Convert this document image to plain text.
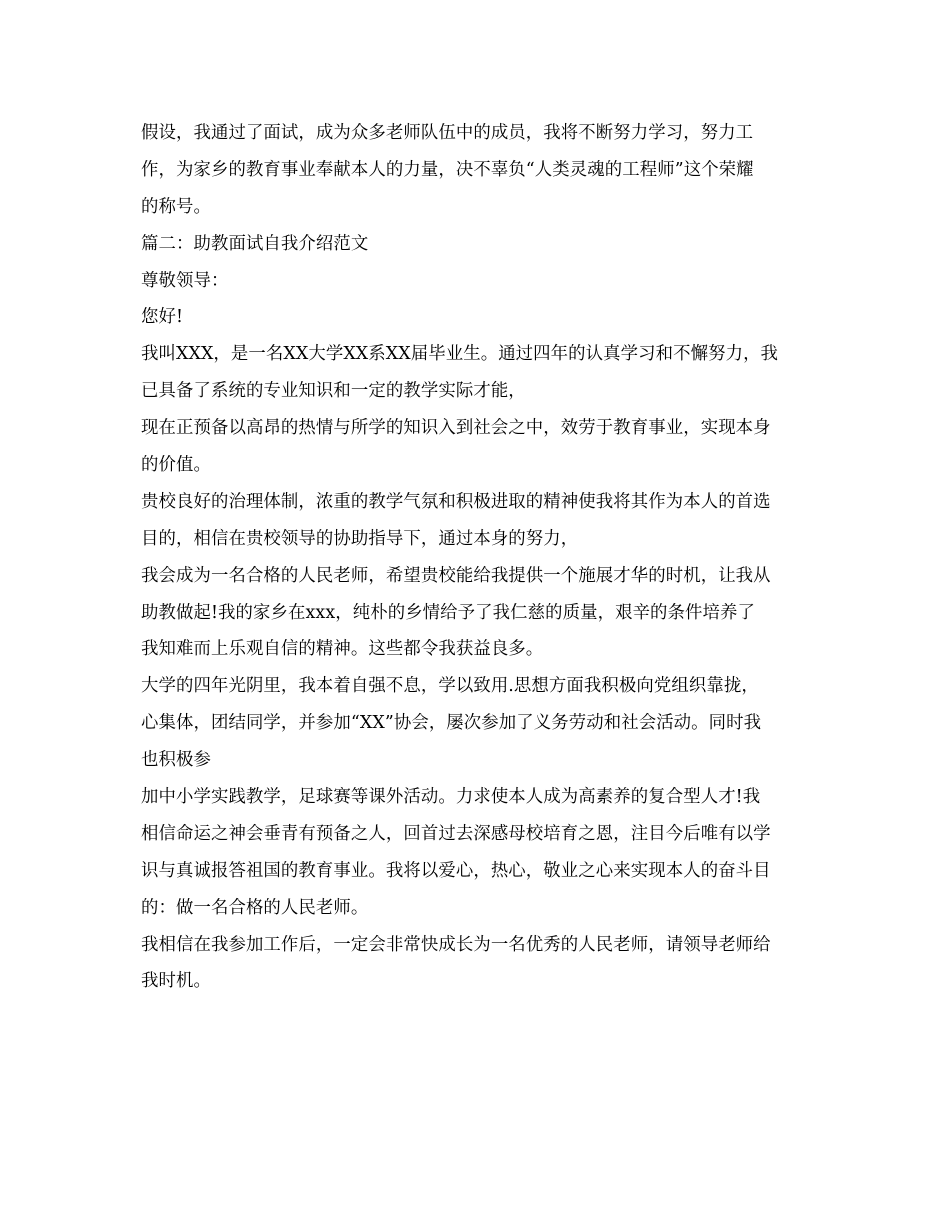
假设，我通过了面试，成为众多老师队伍中的成员，我将不断努力学习，努力工
作，为家乡的教育事业奉献本人的力量，决不辜负“人类灵魂的工程师”这个荣耀
的称号。
篇二：助教面试自我介绍范文
尊敬领导：
您好!
我叫XXX，是一名XX大学XX系XX届毕业生。通过四年的认真学习和不懈努力，我
已具备了系统的专业知识和一定的教学实际才能，
现在正预备以高昂的热情与所学的知识入到社会之中，效劳于教育事业，实现本身
的价值。
贵校良好的治理体制，浓重的教学气氛和积极进取的精神使我将其作为本人的首选
目的，相信在贵校领导的协助指导下，通过本身的努力，
我会成为一名合格的人民老师，希望贵校能给我提供一个施展才华的时机，让我从
助教做起!我的家乡在xxx，纯朴的乡情给予了我仁慈的质量，艰辛的条件培养了
我知难而上乐观自信的精神。这些都令我获益良多。
大学的四年光阴里，我本着自强不息，学以致用.思想方面我积极向党组织靠拢，
心集体，团结同学，并参加“XX”协会，屡次参加了义务劳动和社会活动。同时我
也积极参
加中小学实践教学，足球赛等课外活动。力求使本人成为高素养的复合型人才!我
相信命运之神会垂青有预备之人，回首过去深感母校培育之恩，注目今后唯有以学
识与真诚报答祖国的教育事业。我将以爱心，热心，敬业之心来实现本人的奋斗目
的：做一名合格的人民老师。
我相信在我参加工作后，一定会非常快成长为一名优秀的人民老师，请领导老师给
我时机。
